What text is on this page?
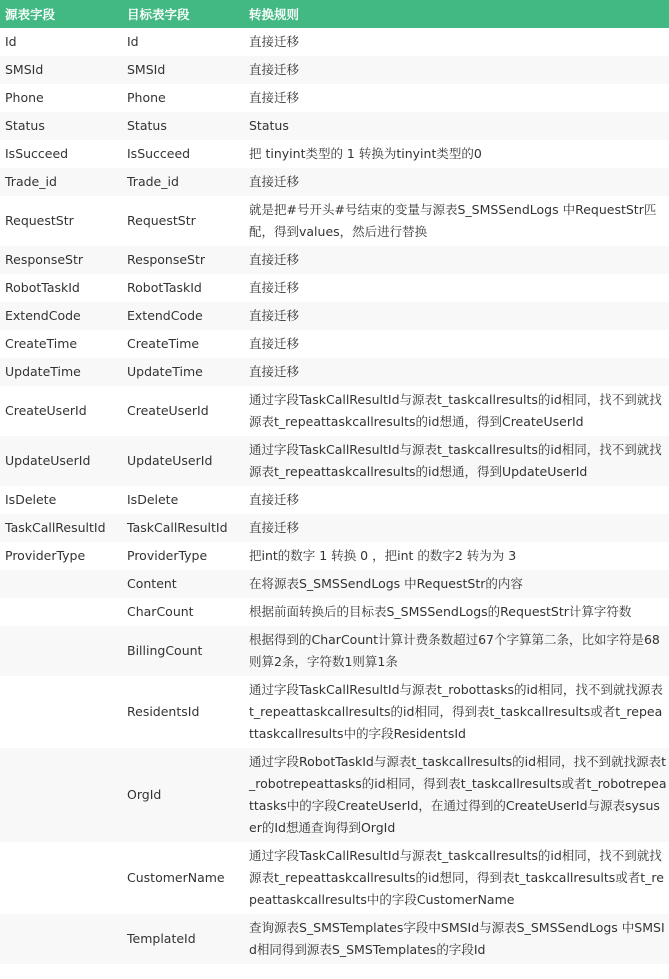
源表字段	目标表字段	转换规则
Id	Id	直接迁移
SMSId	SMSId	直接迁移
Phone	Phone	直接迁移
Status	Status	Status
IsSucceed	IsSucceed	把 tinyint类型的 1 转换为tinyint类型的0
Trade_id	Trade_id	直接迁移
RequestStr	RequestStr	就是把#号开头#号结束的变量与源表S_SMSSendLogs 中RequestStr匹配，得到values，然后进行替换
ResponseStr	ResponseStr	直接迁移
RobotTaskId	RobotTaskId	直接迁移
ExtendCode	ExtendCode	直接迁移
CreateTime	CreateTime	直接迁移
UpdateTime	UpdateTime	直接迁移
CreateUserId	CreateUserId	通过字段TaskCallResultId与源表t_taskcallresults的id相同，找不到就找源表t_repeattaskcallresults的id想通，得到CreateUserId
UpdateUserId	UpdateUserId	通过字段TaskCallResultId与源表t_taskcallresults的id相同，找不到就找源表t_repeattaskcallresults的id想通，得到UpdateUserId
IsDelete	IsDelete	直接迁移
TaskCallResultId	TaskCallResultId	直接迁移
ProviderType	ProviderType	把int的数字 1 转换 0 ，把int 的数字2 转为为 3
	Content	在将源表S_SMSSendLogs 中RequestStr的内容
	CharCount	根据前面转换后的目标表S_SMSSendLogs的RequestStr计算字符数
	BillingCount	根据得到的CharCount计算计费条数超过67个字算第二条，比如字符是68则算2条，字符数1则算1条
	ResidentsId	通过字段TaskCallResultId与源表t_robottasks的id相同，找不到就找源表t_repeattaskcallresults的id相同，得到表t_taskcallresults或者t_repeattaskcallresults中的字段ResidentsId
	OrgId	通过字段RobotTaskId与源表t_taskcallresults的id相同，找不到就找源表t_robotrepeattasks的id相同，得到表t_taskcallresults或者t_robotrepeattasks中的字段CreateUserId，在通过得到的CreateUserId与源表sysuser的Id想通查询得到OrgId
	CustomerName	通过字段TaskCallResultId与源表t_taskcallresults的id相同，找不到就找源表t_repeattaskcallresults的id想同，得到表t_taskcallresults或者t_repeattaskcallresults中的字段CustomerName
	TemplateId	查询源表S_SMSTemplates字段中SMSId与源表S_SMSSendLogs 中SMSId相同得到源表S_SMSTemplates的字段Id
